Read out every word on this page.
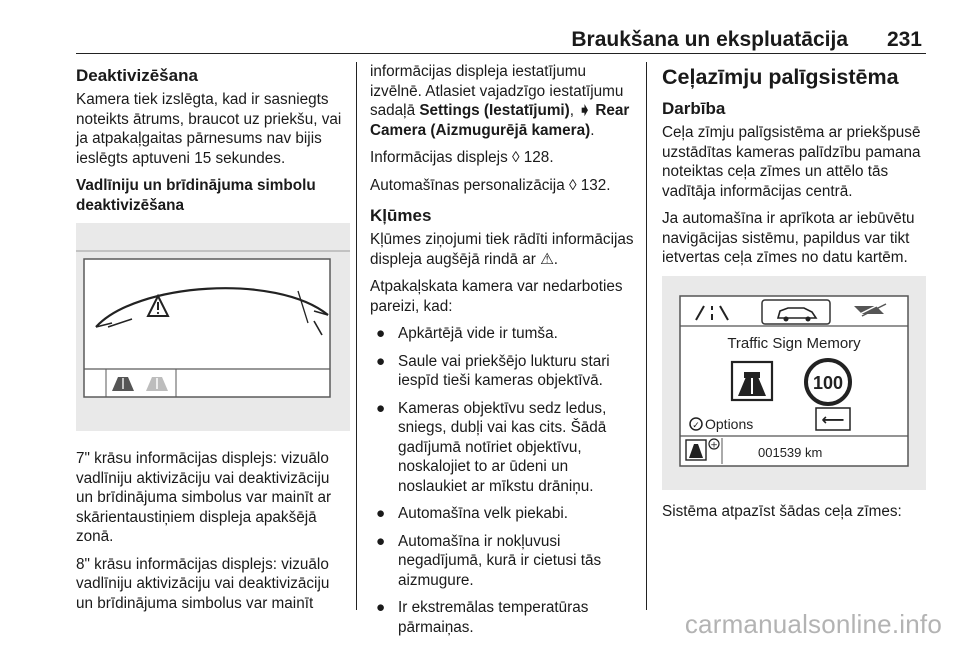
Braukšana un ekspluatācija 231
Deaktivizēšana

Kamera tiek izslēgta, kad ir sasniegts noteikts ātrums, braucot uz priekšu, vai ja atpakaļgaitas pārnesums nav bijis ieslēgts aptuveni 15 sekundes.

Vadlīniju un brīdinājuma simbolu deaktivizēšana

7" krāsu informācijas displejs: vizuālo vadlīniju aktivizāciju vai deaktivizāciju un brīdinājuma simbolus var mainīt ar skārientaustiņiem displeja apakšējā zonā.

8" krāsu informācijas displejs: vizuālo vadlīniju aktivizāciju vai deaktivizāciju un brīdinājuma simbolus var mainīt

informācijas displeja iestatījumu izvēlnē. Atlasiet vajadzīgo iestatījumu sadaļā Settings (Iestatījumi), ➧ Rear Camera (Aizmugurējā kamera).

Informācijas displejs ◊ 128.

Automašīnas personalizācija ◊ 132.

Kļūmes

Kļūmes ziņojumi tiek rādīti informācijas displeja augšējā rindā ar ⚠.

Atpakaļskata kamera var nedarboties pareizi, kad:

● Apkārtējā vide ir tumša.
● Saule vai priekšējo lukturu stari iespīd tieši kameras objektīvā.
● Kameras objektīvu sedz ledus, sniegs, dubļi vai kas cits. Šādā gadījumā notīriet objektīvu, noskalojiet to ar ūdeni un noslaukiet ar mīkstu drāniņu.
● Automašīna velk piekabi.
● Automašīna ir nokļuvusi negadījumā, kurā ir cietusi tās aizmugure.
● Ir ekstremālas temperatūras pārmaiņas.
Ceļazīmju palīgsistēma
Darbība

Ceļa zīmju palīgsistēma ar priekšpusē uzstādītas kameras palīdzību pamana noteiktas ceļa zīmes un attēlo tās vadītāja informācijas centrā.

Ja automašīna ir aprīkota ar iebūvētu navigācijas sistēmu, papildus var tikt ietvertas ceļa zīmes no datu kartēm.

Traffic Sign Memory
100
✓ Options	⟵
+	001539 km

Sistēma atpazīst šādas ceļa zīmes:

carmanualsonline.info
